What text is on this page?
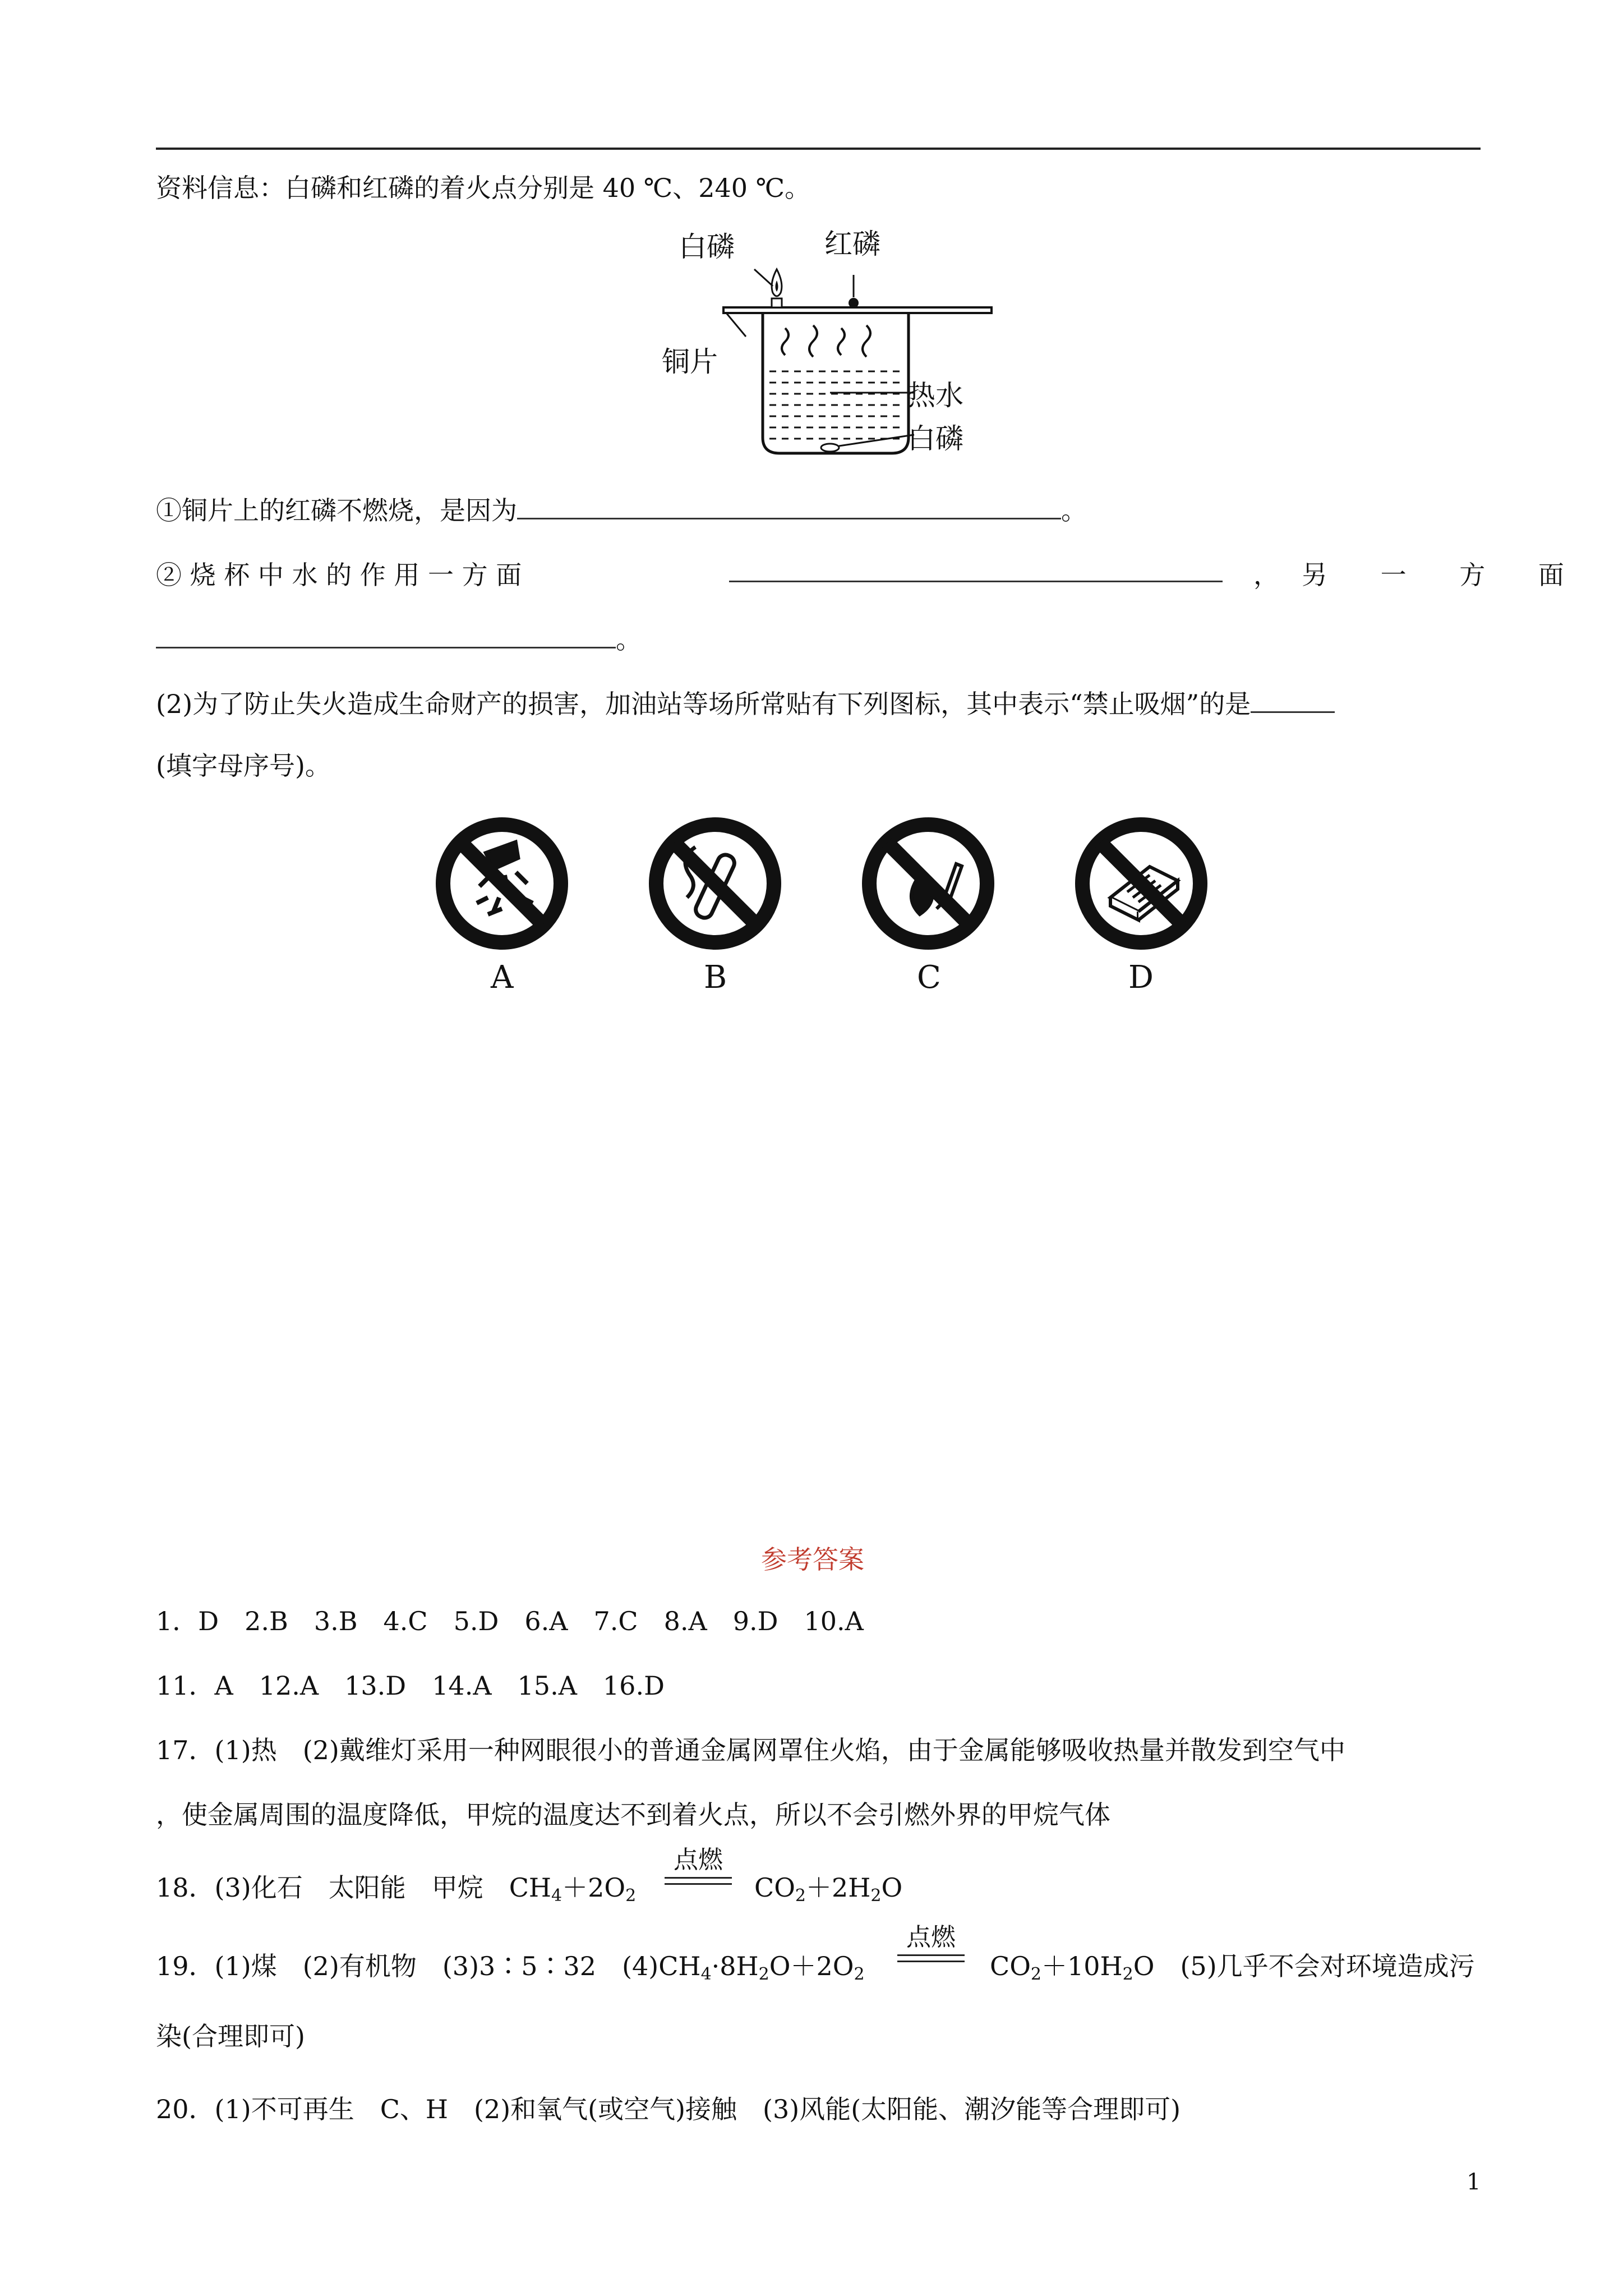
资料信息：白磷和红磷的着火点分别是 40 ℃、240 ℃。
白磷	红磷
铜片
热水
白磷
①铜片上的红磷不燃烧，是因为	。
② 烧 杯 中 水 的 作 用 一 方 面	，另 一 方 面
。
(2)为了防止失火造成生命财产的损害，加油站等场所常贴有下列图标，其中表示“禁止吸烟”的是
(填字母序号)。
A	B	C	D
参考答案
1．D　2.B　3.B　4.C　5.D　6.A　7.C　8.A　9.D　10.A
11．A　12.A　13.D　14.A　15.A　16.D
17．(1)热　(2)戴维灯采用一种网眼很小的普通金属网罩住火焰，由于金属能够吸收热量并散发到空气中
，使金属周围的温度降低，甲烷的温度达不到着火点，所以不会引燃外界的甲烷气体
18．(3)化石　太阳能　甲烷　$CH_4+2O_2$
点燃
$CO_2+2H_2O$
19．(1)煤　(2)有机物　(3)3∶5∶32　$(4)CH_4\cdot 8H_2O+2O_2$
点燃
$CO_2+10H_2O$　(5)几乎不会对环境造成污
染(合理即可)
20．(1)不可再生　C、H　(2)和氧气(或空气)接触　(3)风能(太阳能、潮汐能等合理即可)
1
